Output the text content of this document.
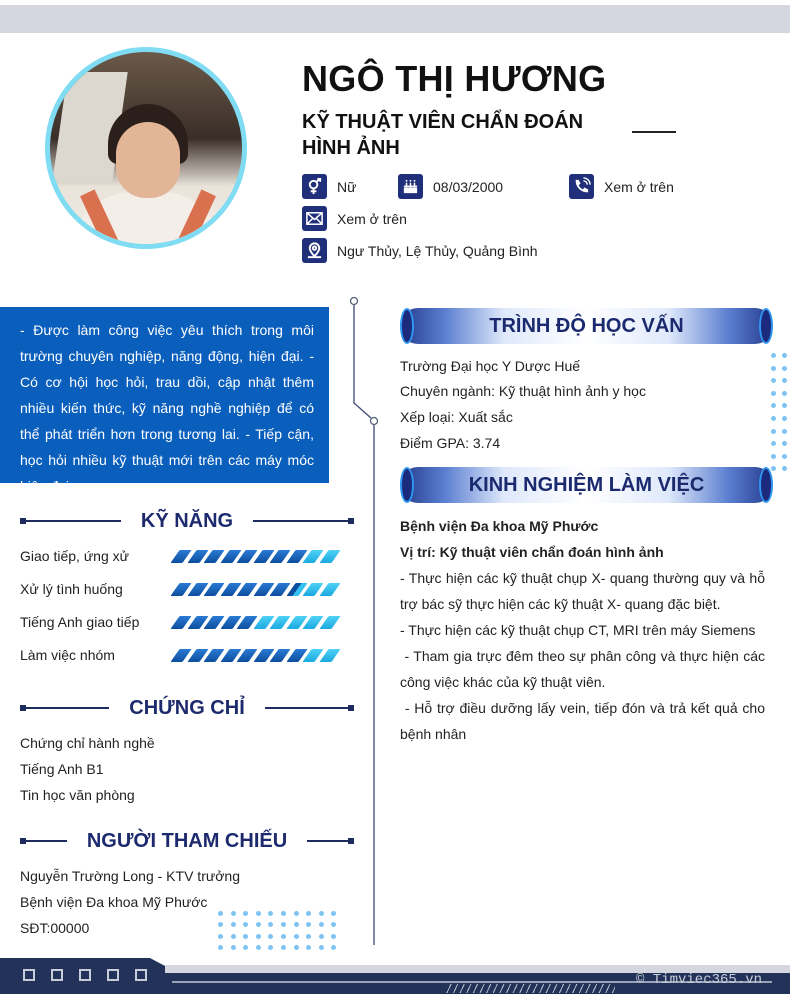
NGÔ THỊ HƯƠNG
KỸ THUẬT VIÊN CHẨN ĐOÁN HÌNH ẢNH
Nữ	08/03/2000	Xem ở trên
Xem ở trên
Ngư Thủy, Lệ Thủy, Quảng Bình
- Được làm công việc yêu thích trong môi trường chuyên nghiệp, năng động, hiện đại. - Có cơ hội học hỏi, trau dồi, cập nhật thêm nhiều kiến thức, kỹ năng nghề nghiệp để có thể phát triển hơn trong tương lai. - Tiếp cận, học hỏi nhiều kỹ thuật mới trên các máy móc hiện đại.
KỸ NĂNG
Giao tiếp, ứng xử
Xử lý tình huống
Tiếng Anh giao tiếp
Làm việc nhóm
CHỨNG CHỈ
Chứng chỉ hành nghề
Tiếng Anh B1
Tin học văn phòng
NGƯỜI THAM CHIẾU
Nguyễn Trường Long - KTV trưởng
Bệnh viện Đa khoa Mỹ Phước
SĐT:00000
TRÌNH ĐỘ HỌC VẤN
Trường Đại học Y Dược Huế
Chuyên ngành: Kỹ thuật hình ảnh y học
Xếp loại: Xuất sắc
Điểm GPA: 3.74
KINH NGHIỆM LÀM VIỆC
Bệnh viện Đa khoa Mỹ Phước
Vị trí: Kỹ thuật viên chẩn đoán hình ảnh
- Thực hiện các kỹ thuật chụp X- quang thường quy và hỗ trợ bác sỹ thực hiện các kỹ thuật X- quang đặc biệt.
- Thực hiện các kỹ thuật chụp CT, MRI trên máy Siemens
- Tham gia trực đêm theo sự phân công và thực hiện các công việc khác của kỹ thuật viên.
- Hỗ trợ điều dưỡng lấy vein, tiếp đón và trả kết quả cho bệnh nhân
© Timviec365.vn
